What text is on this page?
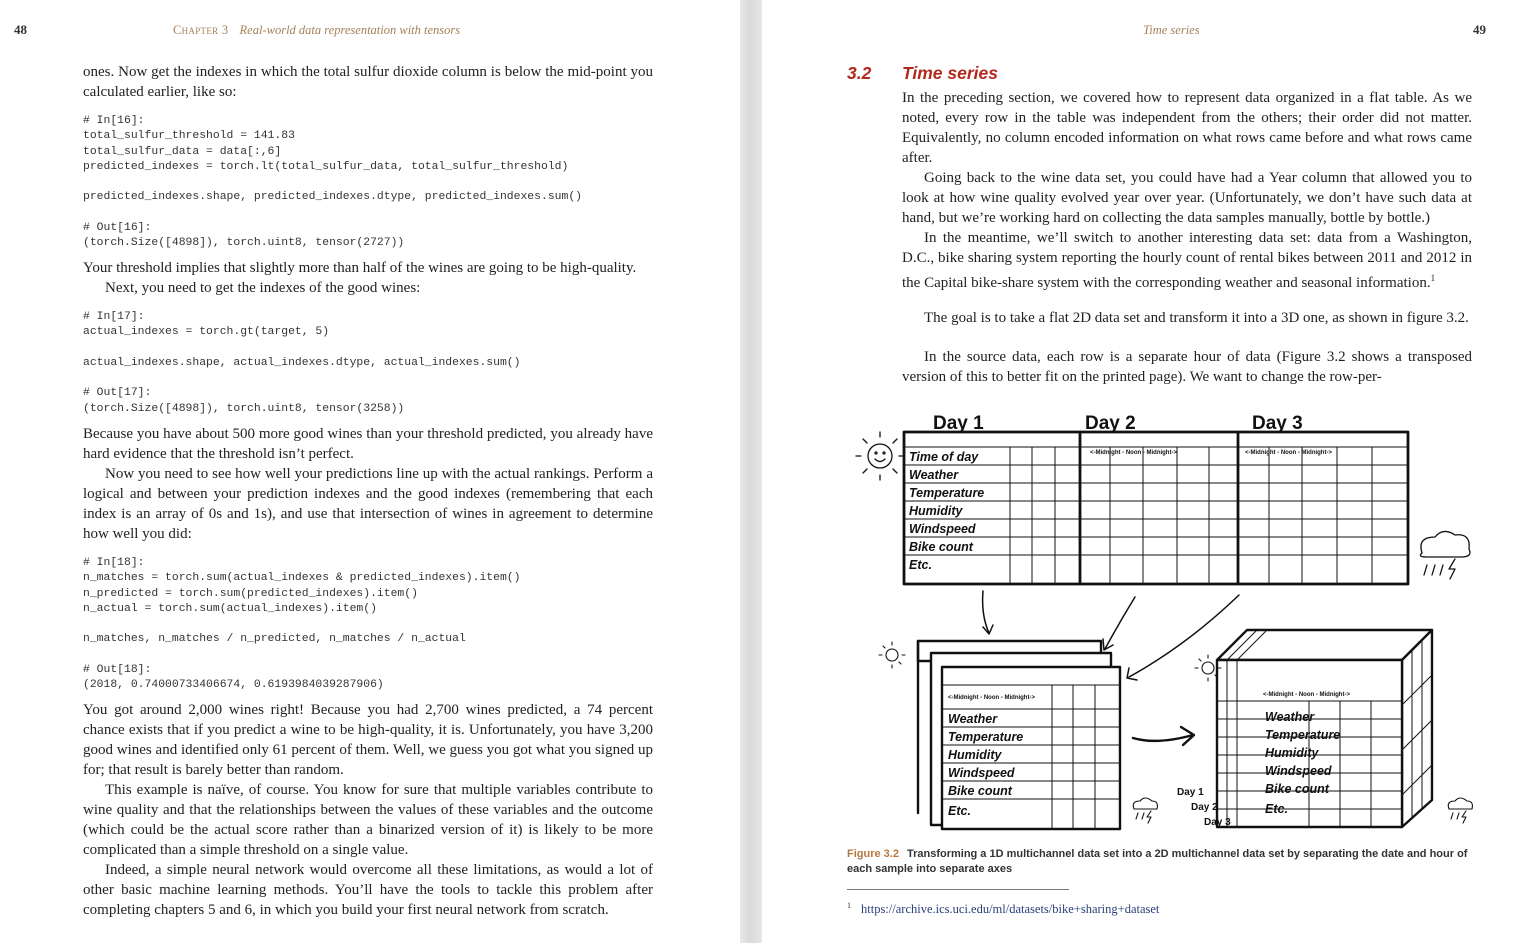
48	Chapter 3 Real-world data representation with tensors

ones. Now get the indexes in which the total sulfur dioxide column is below the mid-point you calculated earlier, like so:

# In[16]:
total_sulfur_threshold = 141.83
total_sulfur_data = data[:,6]
predicted_indexes = torch.lt(total_sulfur_data, total_sulfur_threshold)

predicted_indexes.shape, predicted_indexes.dtype, predicted_indexes.sum()

# Out[16]:
(torch.Size([4898]), torch.uint8, tensor(2727))

Your threshold implies that slightly more than half of the wines are going to be high-quality.

Next, you need to get the indexes of the good wines:

# In[17]:
actual_indexes = torch.gt(target, 5)

actual_indexes.shape, actual_indexes.dtype, actual_indexes.sum()

# Out[17]:
(torch.Size([4898]), torch.uint8, tensor(3258))

Because you have about 500 more good wines than your threshold predicted, you already have hard evidence that the threshold isn’t perfect.

Now you need to see how well your predictions line up with the actual rankings. Perform a logical and between your prediction indexes and the good indexes (remembering that each index is an array of 0s and 1s), and use that intersection of wines in agreement to determine how well you did:

# In[18]:
n_matches = torch.sum(actual_indexes & predicted_indexes).item()
n_predicted = torch.sum(predicted_indexes).item()
n_actual = torch.sum(actual_indexes).item()

n_matches, n_matches / n_predicted, n_matches / n_actual

# Out[18]:
(2018, 0.74000733406674, 0.6193984039287906)

You got around 2,000 wines right! Because you had 2,700 wines predicted, a 74 percent chance exists that if you predict a wine to be high-quality, it is. Unfortunately, you have 3,200 good wines and identified only 61 percent of them. Well, we guess you got what you signed up for; that result is barely better than random.

This example is naïve, of course. You know for sure that multiple variables contribute to wine quality and that the relationships between the values of these variables and the outcome (which could be the actual score rather than a binarized version of it) is likely to be more complicated than a simple threshold on a single value.

Indeed, a simple neural network would overcome all these limitations, as would a lot of other basic machine learning methods. You’ll have the tools to tackle this problem after completing chapters 5 and 6, in which you build your first neural network from scratch.

Time series	49
3.2 Time series

In the preceding section, we covered how to represent data organized in a flat table. As we noted, every row in the table was independent from the others; their order did not matter. Equivalently, no column encoded information on what rows came before and what rows came after.

Going back to the wine data set, you could have had a Year column that allowed you to look at how wine quality evolved year over year. (Unfortunately, we don’t have such data at hand, but we’re working hard on collecting the data samples manually, bottle by bottle.)

In the meantime, we’ll switch to another interesting data set: data from a Washington, D.C., bike sharing system reporting the hourly count of rental bikes between 2011 and 2012 in the Capital bike-share system with the corresponding weather and seasonal information.$^1$

The goal is to take a flat 2D data set and transform it into a 3D one, as shown in figure 3.2.

In the source data, each row is a separate hour of data (Figure 3.2 shows a transposed version of this to better fit on the printed page). We want to change the row-per-

Day 1	Day 2	Day 3
<-Midnight - Noon - Midnight->	<-Midnight - Noon - Midnight->
Time of day
Weather
Temperature
Humidity
Windspeed
Bike count
Etc.
<-Midnight - Noon - Midnight->
Weather
Temperature
Humidity
Windspeed
Bike count
Etc.
<-Midnight - Noon - Midnight->
Weather
Temperature
Humidity
Windspeed
Bike count
Etc.
Day 1
Day 2
Day 3
Figure 3.2 Transforming a 1D multichannel data set into a 2D multichannel data set by separating the date and hour of each sample into separate axes
$^1$ https://archive.ics.uci.edu/ml/datasets/bike+sharing+dataset
